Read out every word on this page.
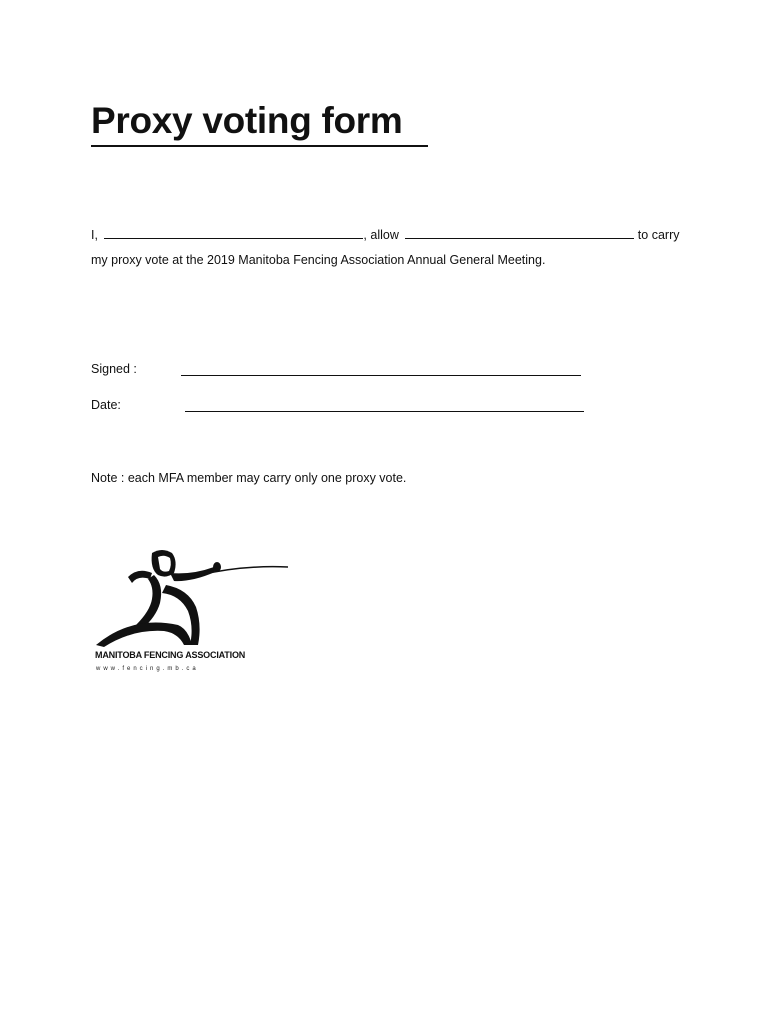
Proxy voting form
I,	, allow	to carry
my proxy vote at the 2019 Manitoba Fencing Association Annual General Meeting.
Signed :
Date:
Note : each MFA member may carry only one proxy vote.
MANITOBA FENCING ASSOCIATION
www.fencing.mb.ca
